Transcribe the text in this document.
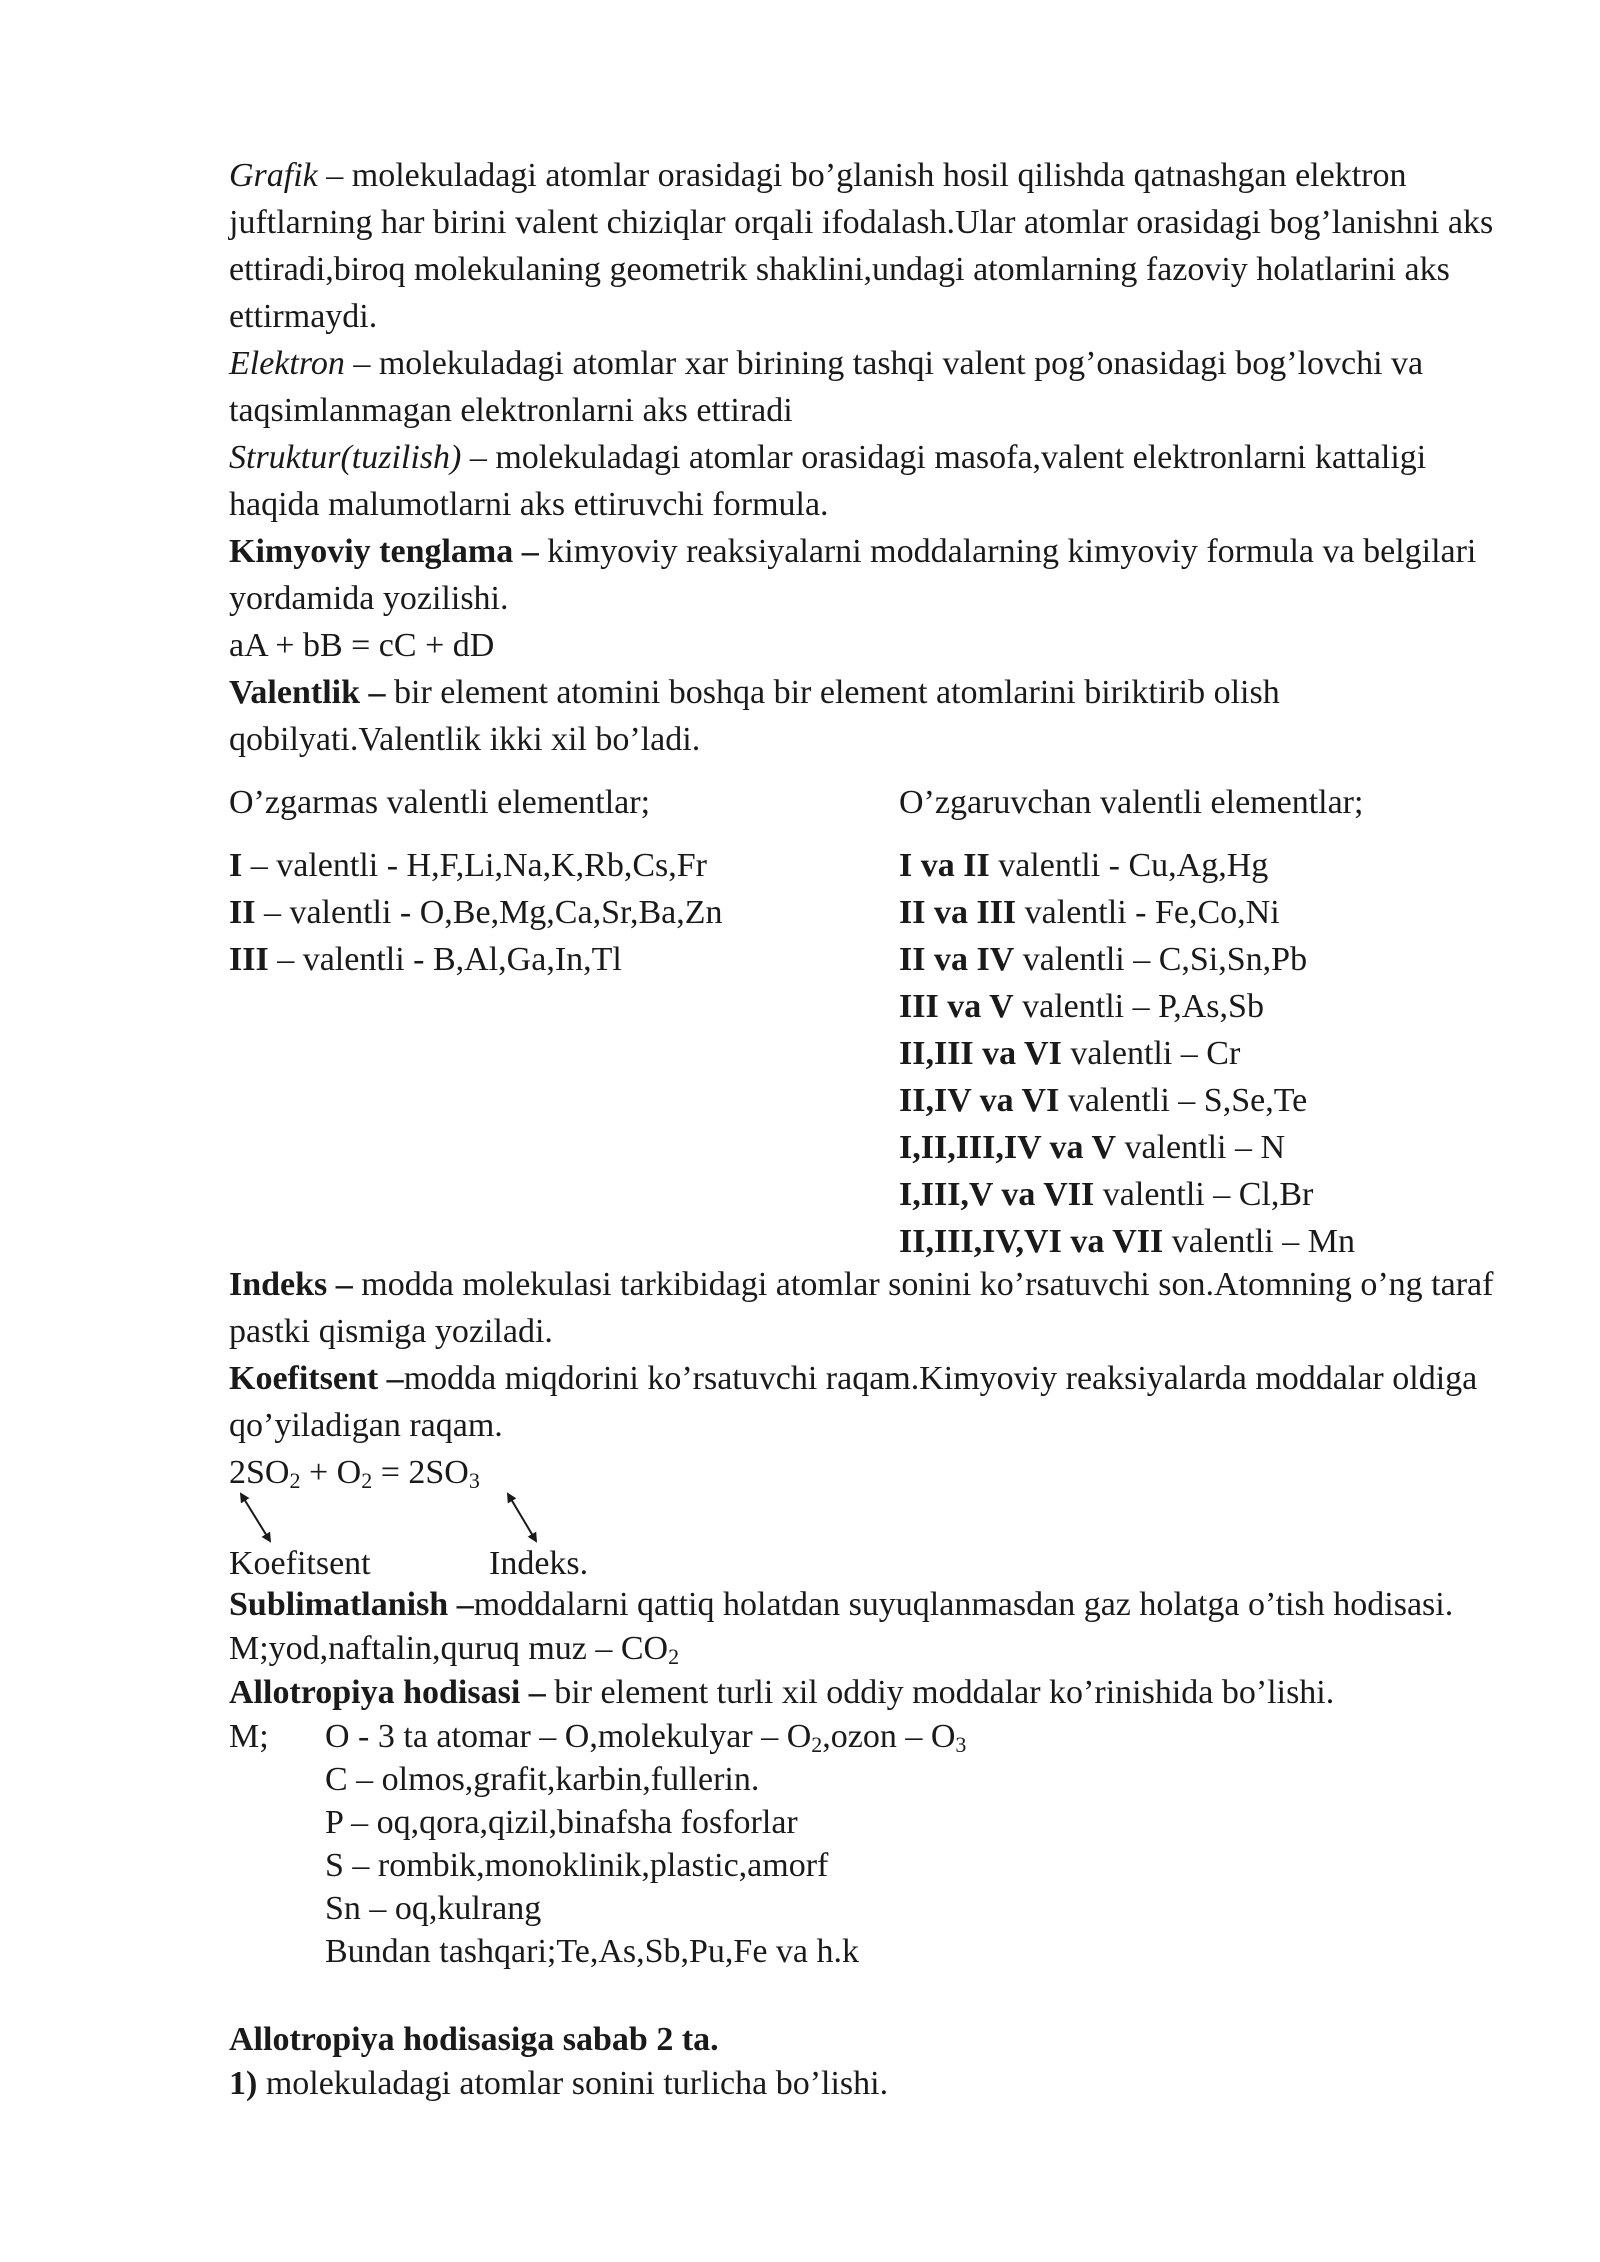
Grafik – molekuladagi atomlar orasidagi bo’glanish hosil qilishda qatnashgan elektron juftlarning har birini valent chiziqlar orqali ifodalash.Ular atomlar orasidagi bog’lanishni aks ettiradi,biroq molekulaning geometrik shaklini,undagi atomlarning fazoviy holatlarini aks ettirmaydi.

Elektron – molekuladagi atomlar xar birining tashqi valent pog’onasidagi bog’lovchi va taqsimlanmagan elektronlarni aks ettiradi

Struktur(tuzilish) – molekuladagi atomlar orasidagi masofa,valent elektronlarni kattaligi haqida malumotlarni aks ettiruvchi formula.

Kimyoviy tenglama – kimyoviy reaksiyalarni moddalarning kimyoviy formula va belgilari yordamida yozilishi.

aA + bB = cC + dD

Valentlik – bir element atomini boshqa bir element atomlarini biriktirib olish qobilyati.Valentlik ikki xil bo’ladi.

O’zgarmas valentli elementlar;
I – valentli - H,F,Li,Na,K,Rb,Cs,Fr
II – valentli - O,Be,Mg,Ca,Sr,Ba,Zn
III – valentli - B,Al,Ga,In,Tl
O’zgaruvchan valentli elementlar;
I va II valentli - Cu,Ag,Hg
II va III valentli - Fe,Co,Ni
II va IV valentli – C,Si,Sn,Pb
III va V valentli – P,As,Sb
II,III va VI valentli – Cr
II,IV va VI valentli – S,Se,Te
I,II,III,IV va V valentli – N
I,III,V va VII valentli – Cl,Br
II,III,IV,VI va VII valentli – Mn

Indeks – modda molekulasi tarkibidagi atomlar sonini ko’rsatuvchi son.Atomning o’ng taraf pastki qismiga yoziladi.

Koefitsent –modda miqdorini ko’rsatuvchi raqam.Kimyoviy reaksiyalarda moddalar oldiga qo’yiladigan raqam.

$2SO_2 + O_2 = 2SO_3$
Koefitsent	Indeks.

Sublimatlanish –moddalarni qattiq holatdan suyuqlanmasdan gaz holatga o’tish hodisasi. M;yod,naftalin,quruq muz – $CO_2$

Allotropiya hodisasi – bir element turli xil oddiy moddalar ko’rinishida bo’lishi.

M; O - 3 ta atomar – O,molekulyar – $O_2,ozon - O_3$
C – olmos,grafit,karbin,fullerin.
P – oq,qora,qizil,binafsha fosforlar
S – rombik,monoklinik,plastic,amorf
Sn – oq,kulrang
Bundan tashqari;Te,As,Sb,Pu,Fe va h.k
Allotropiya hodisasiga sabab 2 ta.
1) molekuladagi atomlar sonini turlicha bo’lishi.
